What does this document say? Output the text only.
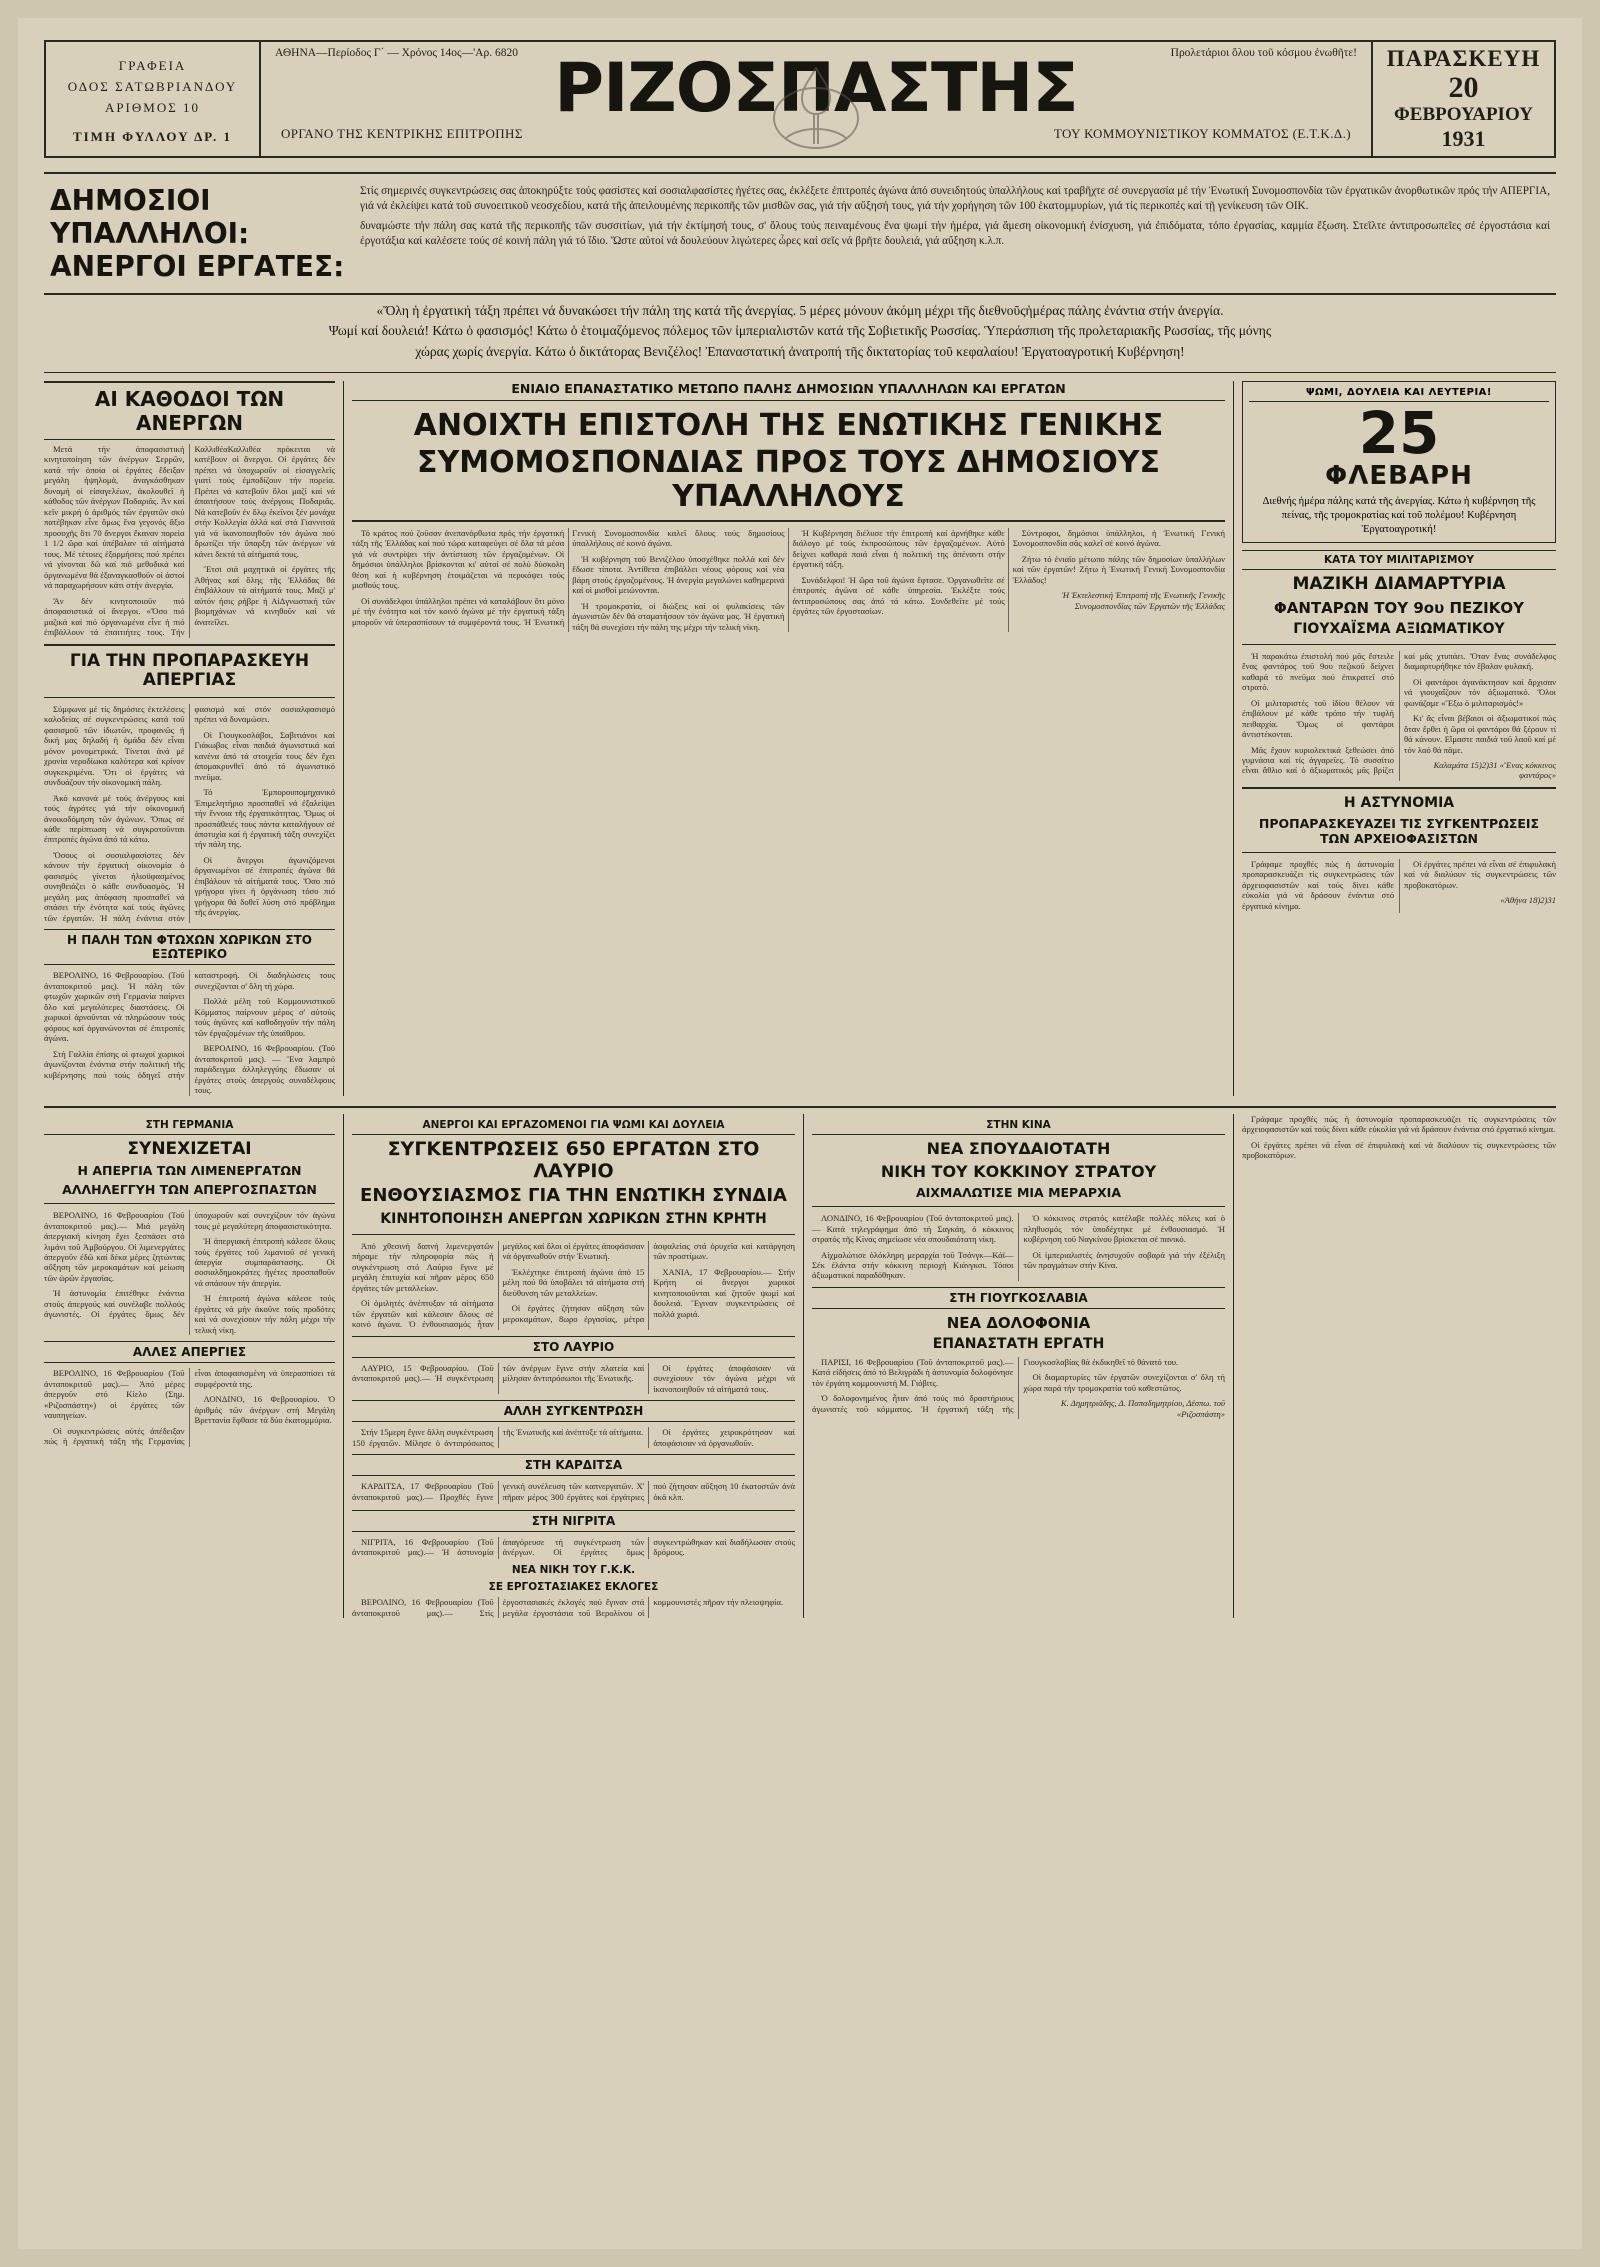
ΓΡΑΦΕΙΑ
ΟΔΟΣ ΣΑΤΩΒΡΙΑΝΔΟΥ
ΑΡΙΘΜΟΣ 10
ΤΙΜΗ ΦΥΛΛΟΥ ΔΡ. 1
ΑΘΗΝΑ—Περίοδος Γ΄ — Χρόνος 14ος—'Αρ. 6820	Προλετάριοι ὅλου τοῦ κόσμου ἑνωθῆτε!
ΡΙΖΟΣΠΑΣΤΗΣ
ΟΡΓΑΝΟ ΤΗΣ ΚΕΝΤΡΙΚΗΣ ΕΠΙΤΡΟΠΗΣ	ΤΟΥ ΚΟΜΜΟΥΝΙΣΤΙΚΟΥ ΚΟΜΜΑΤΟΣ (Ε.Τ.Κ.Δ.)
ΠΑΡΑΣΚΕΥΗ
20
ΦΕΒΡΟΥΑΡΙΟΥ
1931
ΔΗΜΟΣΙΟΙ ΥΠΑΛΛΗΛΟΙ:
ΑΝΕΡΓΟΙ ΕΡΓΑΤΕΣ:
Στίς σημερινές συγκεντρώσεις σας ἀποκηρύξτε τούς φασίστες καί σοσιαλφασίστες ἡγέτες σας, ἐκλέξετε ἐπιτροπές ἀγώνα ἀπό συνειδητούς ὑπαλλήλους καί τραβῆχτε σέ συνεργασία μέ τήν Ἑνωτική Συνομοσπονδία τῶν ἐργατικῶν ἀνορθωτικῶν πρός τήν ΑΠΕΡΓΙΑ, γιά νά ἐκλείψει κατά τοῦ συνοειτικοῦ νεοσχεδίου, κατά τῆς ἀπειλουμένης περικοπῆς τῶν μισθῶν σας, γιά τήν αὔξησή τους, γιά τήν χορήγηση τῶν 100 ἑκατομμυρίων, γιά τίς περικοπές καί τῇ γενίκευση τῶν ΟΙΚ.
δυναμώστε τήν πάλη σας κατά τῆς περικοπῆς τῶν συσσιτίων, γιά τήν ἐκτίμησή τους, σ' ὅλους τούς πειναμένους ἕνα ψωμί τήν ἡμέρα, γιά ἄμεση οἰκονομική ἐνίσχυση, γιά ἐπιδόματα, τόπο ἐργασίας, καμμία ἔξωση. Στεῖλτε ἀντιπροσωπεῖες σέ ἐργοστάσια καί ἐργοτάξια καί καλέσετε τούς σέ κοινή πάλη γιά τό ἴδιο. Ὥστε αὐτοί νά δουλεύουν λιγώτερες ὧρες καί σεῖς νά βρῆτε δουλειά, γιά αὔξηση κ.λ.π.
«Ὅλη ἡ ἐργατική τάξη πρέπει νά δυνακώσει τήν πάλη της κατά τῆς ἀνεργίας. 5 μέρες μόνουν ἀκόμη μέχρι τῆς διεθνοῦςἡμέρας πάλης ἐνάντια στήν ἀνεργία.
Ψωμί καί δουλειά! Κάτω ὁ φασισμός! Κάτω ὁ ἑτοιμαζόμενος πόλεμος τῶν ἰμπεριαλιστῶν κατά τῆς Σοβιετικῆς Ρωσσίας. Ὑπεράσπιση τῆς προλεταριακῆς Ρωσσίας, τῆς μόνης
χώρας χωρίς ἀνεργία. Κάτω ὁ δικτάτορας Βενιζέλος! Ἐπαναστατική ἀνατροπή τῆς δικτατορίας τοῦ κεφαλαίου! Ἐργατοαγροτική Κυβέρνηση!
ΑΙ ΚΑΘΟΔΟΙ ΤΩΝ ΑΝΕΡΓΩΝ

Μετά τήν ἀποφασιστική κινητοποίηση τῶν ἀνέργων Σερρῶν, κατά τήν ὁποία οἱ ἐργάτες ἔδειξαν μεγάλη ἡψηλομά, ἀναγκάσθηκαν δυναμή οἱ εἰσαγελέων, ἀκολουθεῖ ἡ κάθοδος τῶν ἀνέργων Ποδαριᾶς. Ἀν καί κεῖν μικρή ὁ ἀριθμός τῶν ἐργατῶν σκύ πατέβηκαν εἶνε ὅμως ἕνα γεγονός ἄξιο προσοχῆς ὅτι 70 ἄνεργοι ἔκαναν πορεία 1 1/2 ὥρα καί ὑπέβαλαν τά αἰτήματά τους. Μέ τέτοιες ἐξορμήσεις πού πρέπει νά γίνονται δῶ καί πιό μεθοδικά καί ὀργανωμένα θά ἐξαναγκασθοῦν οἱ ἀστοί νά παραχωρήσουν κάτι στήν ἀνεργία.

Ἄν δέν κινητοποιοῦν πιό ἀποφασιστικά οἱ ἄνεργοι. «Ὅσο πιό μαζικά καί πιό ὀργανωμένα εἶνε ἡ πιό ἐπιβάλλουν τά ἐπαιτιήτες τους. Τήν ΚαλλιθέαΚαλλιθέα πρόκειται νά κατέβουν οἱ ἄνεργοι. Οἱ ἐργάτες δέν πρέπει νά ὑποχωροῦν οἱ εἰσαγγελεῖς γιατί τούς ἐμποδίζουν τήν πορεία. Πρέπει νά κατεβοῦν ὅλοι μαζί καί νά ἀπαιτήσουν τούς ἀνέργους Ποδαριᾶς. Νά κατεβοῦν ἐν ὅλῳ ἐκεῖνοι ξέν μονάχα στήν Κολλεγία ἀλλά καί στά Γιαννιτσά γιά νά ἱκανοποιηθοῦν τόν ἀγώνα πού δρωτίζει τήν ὕπαρξη τῶν ἀνέργων νά κάνει δεκτά τά αἰτήματά τους.

Ἔτσι σιά μαχητικά οἱ ἐργάτες τῆς Ἀθήνας καί ὅλης τῆς Ἑλλάδας θά ἐπιβάλλουν τά αἰτήματά τους. Μαζί μ' αὐτόν ἡσις ρήβρε ἡ ΑἱΔγνωστική τῶν βιομηχάνων νά κινηθοῦν καί νά ἀνατεῖλει.

ΓΙΑ ΤΗΝ ΠΡΟΠΑΡΑΣΚΕΥΗ ΑΠΕΡΓΙΑΣ

Σύμφωνα μέ τίς δημόσιες ἐκτελέσεις καλοδείας σέ συγκεντρώσεις κατά τοῦ φασισμοῦ τῶν ἰδιωτῶν, προφανῶς ἡ δική μας δηλαδή ἡ ὁμάδα δέν εἶναι μόνον μονομετρικά. Τίνεται ἀνά μέ χρονία νεροδίωκα καλύτερα καί κρίνον συγκεκριμένα. Ὅτι οἱ ἐργάτες νά συνδυάζουν τήν οἰκονομική πάλη.

Ἀκό κανονά μέ τούς ἀνέργους καί τούς ἀγρότες γιά τήν οἰκονομική ἀνοικοδόμηση τῶν ἀγώνων. Ὅπως σέ κάθε περίπτωση νά συγκροτοῦνται ἐπιτροπές ἀγώνα ἀπό τά κάτω.

Ὅσους οἱ σοσιαλφασίστες δέν κάνουν τήν ἐργατική οἰκονομία ὁ φασισμός γίνεται ἡλιοϋφασμένος συνηθειάζει ὁ κάθε συνδυασμός. Ἡ μεγάλη μας ἀπόφαση προσπαθεῖ νά σπάσει τήν ἑνότητα καί τούς ἀγῶνες τῶν ἐργατῶν. Ἡ πάλη ἐνάντια στόν φασισμό καί στόν σοσιαλφασισμό πρέπει νά δυναμώσει.

Οἱ Γιουγκοσλάβοι, Σαβιτιάνοι καί Γιάκωβος εἶναι παιδιά ἀγωνιστικά καί κανένα ἀπό τά στοιχεῖα τους δέν ἔχει ἀπομακρυνθεῖ ἀπό τό ἀγωνιστικό πνεῦμα.

Τό Ἐμπορουπομηχανικό Ἐπιμελητήριο προσπαθεῖ νά ἐξαλείψει τήν ἔννοια τῆς ἐργατικότητας. Ὅμως οἱ προσπάθειές τους πάντα καταλήγουν σέ ἀποτυχία καί ἡ ἐργατική τάξη συνεχίζει τήν πάλη της.

Οἱ ἄνεργοι ἀγωνιζόμενοι ὀργανωμένοι σέ ἐπιτροπές ἀγώνα θά ἐπιβάλουν τά αἰτήματά τους. Ὅσο πιό γρήγορα γίνει ἡ ὀργάνωση τόσο πιό γρήγορα θά δοθεῖ λύση στό πρόβλημα τῆς ἀνεργίας.

Η ΠΑΛΗ ΤΩΝ ΦΤΩΧΩΝ ΧΩΡΙΚΩΝ ΣΤΟ ΕΞΩΤΕΡΙΚΟ

ΒΕΡΟΛΙΝΟ, 16 Φεβρουαρίου. (Τοῦ ἀνταποκριτοῦ μας). Ἡ πάλη τῶν φτωχῶν χωρικῶν στή Γερμανία παίρνει ὅλο καί μεγαλύτερες διαστάσεις. Οἱ χωρικοί ἀρνοῦνται νά πληρώσουν τούς φόρους καί ὀργανώνονται σέ ἐπιτροπές ἀγώνα.

Στή Γαλλία ἐπίσης οἱ φτωχοί χωρικοί ἀγωνίζονται ἐνάντια στήν πολιτική τῆς κυβέρνησης πού τούς ὁδηγεῖ στήν καταστροφή. Οἱ διαδηλώσεις τους συνεχίζονται σ' ὅλη τή χώρα.

Πολλά μέλη τοῦ Κομμουνιστικοῦ Κόμματος παίρνουν μέρος σ' αὐτούς τούς ἀγῶνες καί καθοδηγοῦν τήν πάλη τῶν ἐργαζομένων τῆς ὑπαίθρου.

ΒΕΡΟΛΙΝΟ, 16 Φεβρουαρίου. (Τοῦ ἀνταποκριτοῦ μας). — Ἕνα λαμπρό παράδειγμα ἀλληλεγγύης ἔδωσαν οἱ ἐργάτες στούς ἀπεργούς συναδέλφους τους.

ΕΝΙΑΙΟ ΕΠΑΝΑΣΤΑΤΙΚΟ ΜΕΤΩΠΟ ΠΑΛΗΣ ΔΗΜΟΣΙΩΝ ΥΠΑΛΛΗΛΩΝ ΚΑΙ ΕΡΓΑΤΩΝ
ΑΝΟΙΧΤΗ ΕΠΙΣΤΟΛΗ ΤΗΣ ΕΝΩΤΙΚΗΣ ΓΕΝΙΚΗΣ
ΣΥΜΟΜΟΣΠΟΝΔΙΑΣ ΠΡΟΣ ΤΟΥΣ ΔΗΜΟΣΙΟΥΣ ΥΠΑΛΛΗΛΟΥΣ

Τό κράτος πού ζοῦσαν ἀνεπανόρθωτα πρός τήν ἐργατική τάξη τῆς Ἑλλάδας καί πού τώρα καταφεύγει σέ ὅλα τά μέσα γιά νά συντρίψει τήν ἀντίσταση τῶν ἐργαζομένων. Οἱ δημόσιοι ὑπάλληλοι βρίσκονται κι' αὐτοί σέ πολύ δύσκολη θέση καί ἡ κυβέρνηση ἑτοιμάζεται νά περικόψει τούς μισθούς τους.

Οἱ συνάδελφοι ὑπάλληλοι πρέπει νά καταλάβουν ὅτι μόνο μέ τήν ἑνότητα καί τόν κοινό ἀγώνα μέ τήν ἐργατική τάξη μποροῦν νά ὑπερασπίσουν τά συμφέροντά τους. Ἡ Ἑνωτική Γενική Συνομοσπονδία καλεῖ ὅλους τούς δημοσίους ὑπαλλήλους σέ κοινό ἀγώνα.

Ἡ κυβέρνηση τοῦ Βενιζέλου ὑποσχέθηκε πολλά καί δέν ἔδωσε τίποτα. Ἀντίθετα ἐπιβάλλει νέους φόρους καί νέα βάρη στούς ἐργαζομένους. Ἡ ἀνεργία μεγαλώνει καθημερινά καί οἱ μισθοί μειώνονται.

Ἡ τρομοκρατία, οἱ διώξεις καί οἱ φυλακίσεις τῶν ἀγωνιστῶν δέν θά σταματήσουν τόν ἀγώνα μας. Ἡ ἐργατική τάξη θά συνεχίσει τήν πάλη της μέχρι τήν τελική νίκη.

Ἡ Κυβέρνηση διέλυσε τήν ἐπιτροπή καί ἀρνήθηκε κάθε διάλογο μέ τούς ἐκπροσώπους τῶν ἐργαζομένων. Αὐτό δείχνει καθαρά ποιά εἶναι ἡ πολιτική της ἀπέναντι στήν ἐργατική τάξη.

Συνάδελφοι! Ἡ ὥρα τοῦ ἀγώνα ἔφτασε. Ὀργανωθεῖτε σέ ἐπιτροπές ἀγώνα σέ κάθε ὑπηρεσία. Ἐκλέξτε τούς ἀντιπροσώπους σας ἀπό τά κάτω. Συνδεθεῖτε μέ τούς ἐργάτες τῶν ἐργοστασίων.

Σύντροφοι, δημόσιοι ὑπάλληλοι, ἡ Ἑνωτική Γενική Συνομοσπονδία σᾶς καλεῖ σέ κοινό ἀγώνα.

Ζήτω τό ἑνιαῖο μέτωπο πάλης τῶν δημοσίων ὑπαλλήλων καί τῶν ἐργατῶν! Ζήτω ἡ Ἑνωτική Γενική Συνομοσπονδία Ἑλλάδος!

Ἡ Ἐκτελεστική Ἐπιτροπή τῆς Ἑνωτικῆς Γενικῆς Συνομοσπονδίας τῶν Ἐργατῶν τῆς Ἑλλάδας

ΨΩΜΙ, ΔΟΥΛΕΙΑ ΚΑΙ ΛΕΥΤΕΡΙΑ!
25
ΦΛΕΒΑΡΗ
Διεθνής ἡμέρα πάλης κατά τῆς ἀνεργίας. Κάτω ἡ κυβέρνηση τῆς πείνας, τῆς τρομοκρατίας καί τοῦ πολέμου! Κυβέρνηση Ἐργατοαγροτική!
ΚΑΤΑ ΤΟΥ ΜΙΛΙΤΑΡΙΣΜΟΥ
ΜΑΖΙΚΗ ΔΙΑΜΑΡΤΥΡΙΑ
ΦΑΝΤΑΡΩΝ ΤΟΥ 9ου ΠΕΖΙΚΟΥ
ΓΙΟΥΧΑΪΣΜΑ ΑΞΙΩΜΑΤΙΚΟΥ

Ἡ παρακάτω ἐπιστολή πού μᾶς ἔστειλε ἕνας φαντάρος τοῦ 9ου πεζικοῦ δείχνει καθαρά τό πνεῦμα πού ἐπικρατεῖ στό στρατό.

Οἱ μιλιταριστές τοῦ ἰδίου θέλουν νά ἐπιβάλουν μέ κάθε τρόπο τήν τυφλή πειθαρχία. Ὅμως οἱ φαντάροι ἀντιστέκονται.

Μᾶς ἔχουν κυριολεκτικά ξεθεώσει ἀπό γυμνάσια καί τίς ἀγγαρεῖες. Τό συσσίτιο εἶναι ἄθλιο καί ὁ ἀξιωματικός μᾶς βρίζει καί μᾶς χτυπάει. Ὅταν ἕνας συνάδελφος διαμαρτυρήθηκε τόν ἔβαλαν φυλακή.

Οἱ φαντάροι ἀγανάκτησαν καί ἄρχισαν νά γιουχαΐζουν τόν ἀξιωματικό. Ὅλοι φωνάζαμε «Ἔξω ὁ μιλιταρισμός!»

Κι' ἄς εἶναι βέβαιοι οἱ ἀξιωματικοί πώς ὅταν ἔρθει ἡ ὥρα οἱ φαντάροι θά ξέρουν τί θά κάνουν. Εἴμαστε παιδιά τοῦ λαοῦ καί μέ τόν λαό θά πᾶμε.

Καλαμάτα 15)2)31 «Ἕνας κόκκινος φαντάρος»

Η ΑΣΤΥΝΟΜΙΑ
ΠΡΟΠΑΡΑΣΚΕΥΑΖΕΙ ΤΙΣ ΣΥΓΚΕΝΤΡΩΣΕΙΣ ΤΩΝ ΑΡΧΕΙΟΦΑΣΙΣΤΩΝ

Γράφαμε προχθές πώς ἡ ἀστυνομία προπαρασκευάζει τίς συγκεντρώσεις τῶν ἀρχειοφασιστῶν καί τούς δίνει κάθε εὐκολία γιά νά δράσουν ἐνάντια στό ἐργατικό κίνημα.

Οἱ ἐργάτες πρέπει νά εἶναι σέ ἐπιφυλακή καί νά διαλύουν τίς συγκεντρώσεις τῶν προβοκατόρων.

«Ἀθήνα 18)2)31

ΣΤΗ ΓΕΡΜΑΝΙΑ
ΣΥΝΕΧΙΖΕΤΑΙ
Η ΑΠΕΡΓΙΑ ΤΩΝ ΛΙΜΕΝΕΡΓΑΤΩΝ
ΑΛΛΗΛΕΓΓΥΗ ΤΩΝ ΑΠΕΡΓΟΣΠΑΣΤΩΝ

ΒΕΡΟΛΙΝΟ, 16 Φεβρουαρίου (Τοῦ ἀνταποκριτοῦ μας).— Μιά μεγάλη ἀπεργιακή κίνηση ἔχει ξεσπάσει στό λιμάνι τοῦ Ἀμβούργου. Οἱ λιμενεργάτες ἀπεργοῦν ἐδῶ καί δέκα μέρες ζητώντας αὔξηση τῶν μεροκαμάτων καί μείωση τῶν ὡρῶν ἐργασίας.

Ἡ ἀστυνομία ἐπιτέθηκε ἐνάντια στούς ἀπεργούς καί συνέλαβε πολλούς ἀγωνιστές. Οἱ ἐργάτες ὅμως δέν ὑποχωροῦν καί συνεχίζουν τόν ἀγώνα τους μέ μεγαλύτερη ἀποφασιστικότητα.

Ἡ ἀπεργιακή ἐπιτροπή κάλεσε ὅλους τούς ἐργάτες τοῦ λιμανιοῦ σέ γενική ἀπεργία συμπαράστασης. Οἱ σοσιαλδημοκράτες ἡγέτες προσπαθοῦν νά σπάσουν τήν ἀπεργία.

Ἡ ἐπιτροπή ἀγώνα κάλεσε τούς ἐργάτες νά μήν ἀκοῦνε τούς προδότες καί νά συνεχίσουν τήν πάλη μέχρι τήν τελική νίκη.

ΑΛΛΕΣ ΑΠΕΡΓΙΕΣ

ΒΕΡΟΛΙΝΟ, 16 Φεβρουαρίου (Τοῦ ἀνταποκριτοῦ μας).— Ἀπό μέρες ἀπεργοῦν στό Κίελο (Σημ. «Ριζοσπάστη») οἱ ἐργάτες τῶν ναυπηγείων.

Οἱ συγκεντρώσεις αὐτές ἀπέδειξαν πώς ἡ ἐργατική τάξη τῆς Γερμανίας εἶναι ἀποφασισμένη νά ὑπερασπίσει τά συμφέροντά της.

ΛΟΝΔΙΝΟ, 16 Φεβρουαρίου. Ὁ ἀριθμός τῶν ἀνέργων στή Μεγάλη Βρεττανία ἔφθασε τά δύο ἑκατομμύρια.

ΑΝΕΡΓΟΙ ΚΑΙ ΕΡΓΑΖΟΜΕΝΟΙ ΓΙΑ ΨΩΜΙ ΚΑΙ ΔΟΥΛΕΙΑ
ΣΥΓΚΕΝΤΡΩΣΕΙΣ 650 ΕΡΓΑΤΩΝ ΣΤΟ ΛΑΥΡΙΟ
ΕΝΘΟΥΣΙΑΣΜΟΣ ΓΙΑ ΤΗΝ ΕΝΩΤΙΚΗ ΣΥΝΔΙΑ
ΚΙΝΗΤΟΠΟΙΗΣΗ ΑΝΕΡΓΩΝ ΧΩΡΙΚΩΝ ΣΤΗΝ ΚΡΗΤΗ

Ἀπό χθεσινή δαπνή λιμενεργατῶν πήραμε τήν πληροφορία πώς ἡ συγκέντρωση στό Λαύριο ἔγινε μέ μεγάλη ἐπιτυχία καί πῆραν μέρος 650 ἐργάτες τῶν μεταλλείων.

Οἱ ὁμιλητές ἀνέπτυξαν τά αἰτήματα τῶν ἐργατῶν καί κάλεσαν ὅλους σέ κοινό ἀγώνα. Ὁ ἐνθουσιασμός ἦταν μεγάλος καί ὅλοι οἱ ἐργάτες ἀποφάσισαν νά ὀργανωθοῦν στήν Ἑνωτική.

Ἐκλέχτηκε ἐπιτροπή ἀγώνα ἀπό 15 μέλη πού θά ὑποβάλει τά αἰτήματα στή διεύθυνση τῶν μεταλλείων.

Οἱ ἐργάτες ζήτησαν αὔξηση τῶν μεροκαμάτων, 8ωρο ἐργασίας, μέτρα ἀσφαλείας στά ὀρυχεῖα καί κατάργηση τῶν προστίμων.

ΧΑΝΙΑ, 17 Φεβρουαρίου.— Στήν Κρήτη οἱ ἄνεργοι χωρικοί κινητοποιοῦνται καί ζητοῦν ψωμί καί δουλειά. Ἔγιναν συγκεντρώσεις σέ πολλά χωριά.

ΣΤΟ ΛΑΥΡΙΟ

ΛΑΥΡΙΟ, 15 Φεβρουαρίου. (Τοῦ ἀνταποκριτοῦ μας).— Ἡ συγκέντρωση τῶν ἀνέργων ἔγινε στήν πλατεία καί μίλησαν ἀντιπρόσωποι τῆς Ἑνωτικῆς.

Οἱ ἐργάτες ἀποφάσισαν νά συνεχίσουν τόν ἀγώνα μέχρι νά ἱκανοποιηθοῦν τά αἰτήματά τους.

ΑΛΛΗ ΣΥΓΚΕΝΤΡΩΣΗ

Στήν 15μερη ἔγινε ἄλλη συγκέντρωση 150 ἐργατῶν. Μίλησε ὁ ἀντιπρόσωπος τῆς Ἑνωτικῆς καί ἀνέπτυξε τά αἰτήματα.	Οἱ ἐργάτες χειροκρότησαν καί ἀποφάσισαν νά ὀργανωθοῦν.

ΣΤΗ ΚΑΡΔΙΤΣΑ

ΚΑΡΔΙΤΣΑ, 17 Φεβρουαρίου (Τοῦ ἀνταποκριτοῦ μας).— Προχθές ἔγινε γενική συνέλευση τῶν καπνεργατῶν. Χ' πῆραν μέρος 300 ἐργάτες καί ἐργάτριες πού ζήτησαν αὔξηση 10 ἑκατοστῶν ἀνά ὀκᾶ κλπ.

ΣΤΗ ΝΙΓΡΙΤΑ

ΝΙΓΡΙΤΑ, 16 Φεβρουαρίου (Τοῦ ἀνταποκριτοῦ μας).— Ἡ ἀστυνομία ἀπαγόρευσε τή συγκέντρωση τῶν ἀνέργων. Οἱ ἐργάτες ὅμως συγκεντρώθηκαν καί διαδήλωσαν στούς δρόμους.

ΝΕΑ ΝΙΚΗ ΤΟΥ Γ.Κ.Κ.
ΣΕ ΕΡΓΟΣΤΑΣΙΑΚΕΣ ΕΚΛΟΓΕΣ

ΒΕΡΟΛΙΝΟ, 16 Φεβρουαρίου (Τοῦ ἀνταποκριτοῦ μας).— Στίς ἐργοστασιακές ἐκλογές πού ἔγιναν στά μεγάλα ἐργοστάσια τοῦ Βερολίνου οἱ κομμουνιστές πῆραν τήν πλειοψηφία.

ΣΤΗΝ ΚΙΝΑ
ΝΕΑ ΣΠΟΥΔΑΙΟΤΑΤΗ
ΝΙΚΗ ΤΟΥ ΚΟΚΚΙΝΟΥ ΣΤΡΑΤΟΥ
ΑΙΧΜΑΛΩΤΙΣΕ ΜΙΑ ΜΕΡΑΡΧΙΑ

ΛΟΝΔΙΝΟ, 16 Φεβρουαρίου (Τοῦ ἀνταποκριτοῦ μας).— Κατά τηλεγράφημα ἀπό τή Σαγκάη, ὁ κόκκινος στρατός τῆς Κίνας σημείωσε νέα σπουδαιότατη νίκη.

Αἰχμαλώτισε ὁλόκληρη μεραρχία τοῦ Τσάνγκ—Κάϊ—Σέκ ἐλάντα στήν κόκκινη περιοχή Κιάνγκσι. Τόσοι ἀξιωματικοί παραδόθηκαν.

Ὁ κόκκινος στρατός κατέλαβε πολλές πόλεις καί ὁ πληθυσμός τόν ὑποδέχτηκε μέ ἐνθουσιασμό. Ἡ κυβέρνηση τοῦ Ναγκίνου βρίσκεται σέ πανικό.

Οἱ ἰμπεριαλιστές ἀνησυχοῦν σοβαρά γιά τήν ἐξέλιξη τῶν πραγμάτων στήν Κίνα.

ΣΤΗ ΓΙΟΥΓΚΟΣΛΑΒΙΑ
ΝΕΑ ΔΟΛΟΦΟΝΙΑ
ΕΠΑΝΑΣΤΑΤΗ ΕΡΓΑΤΗ

ΠΑΡΙΣΙ, 16 Φεβρουαρίου (Τοῦ ἀνταποκριτοῦ μας).— Κατά εἰδήσεις ἀπό τό Βελιγράδι ἡ ἀστυνομία δολοφόνησε τόν ἐργάτη κομμουνιστή Μ. Γιόβιτς.

Ὁ δολοφονημένος ἦταν ἀπό τούς πιό δραστήριους ἀγωνιστές τοῦ κόμματος. Ἡ ἐργατική τάξη τῆς Γιουγκοσλαβίας θά ἐκδικηθεῖ τό θάνατό του.

Οἱ διαμαρτυρίες τῶν ἐργατῶν συνεχίζονται σ' ὅλη τή χώρα παρά τήν τρομοκρατία τοῦ καθεστῶτος.

Κ. Δημητριάδης, Δ. Παπαδημητρίου, Δέσπω. τοῦ «Ριζοσπάστη»

Γράφαμε προχθές πώς ἡ ἀστυνομία προπαρασκευάζει τίς συγκεντρώσεις τῶν ἀρχειοφασιστῶν καί τούς δίνει κάθε εὐκολία γιά νά δράσουν ἐνάντια στό ἐργατικό κίνημα.

Οἱ ἐργάτες πρέπει νά εἶναι σέ ἐπιφυλακή καί νά διαλύουν τίς συγκεντρώσεις τῶν προβοκατόρων.
